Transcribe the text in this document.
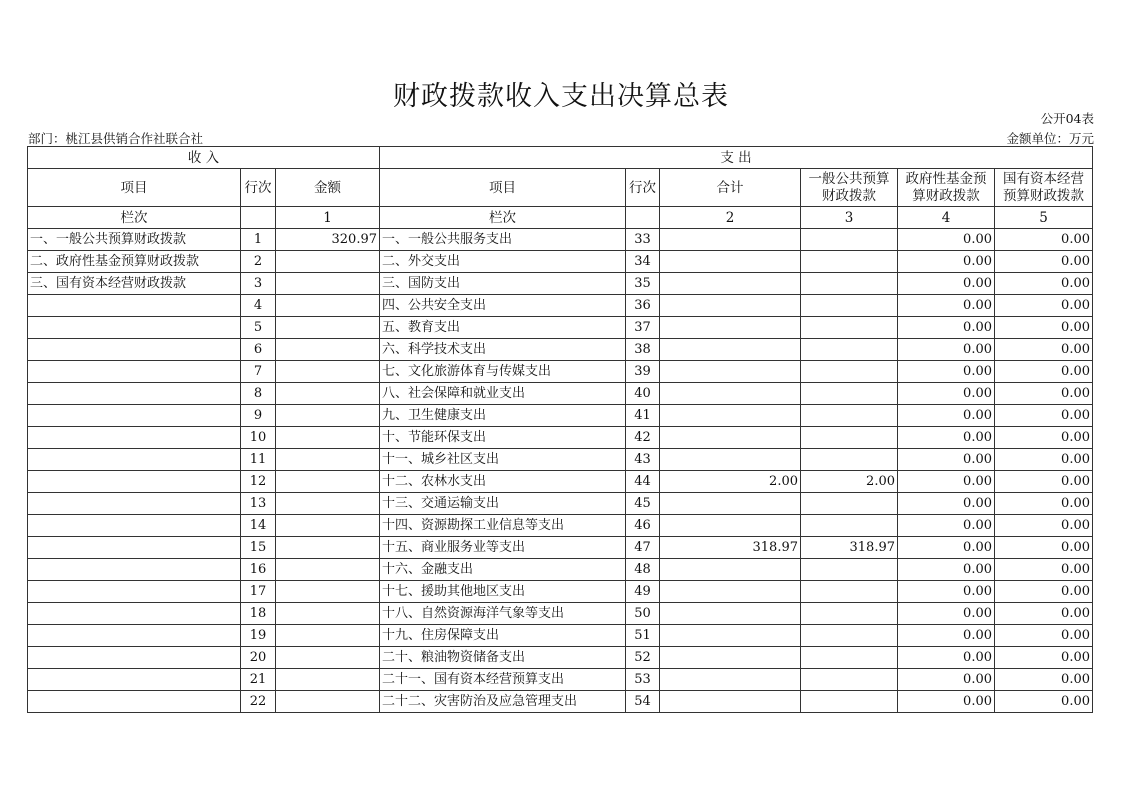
财政拨款收入支出决算总表
公开04表
部门：桃江县供销合作社联合社	金额单位：万元
收 入			支 出					
项目	行次	金额	项目	行次	合计	一般公共预算财政拨款	政府性基金预算财政拨款	国有资本经营预算财政拨款
栏次		1	栏次		2	3	4	5
一、一般公共预算财政拨款	1	320.97	一、一般公共服务支出	33			0.00	0.00
二、政府性基金预算财政拨款	2		二、外交支出	34			0.00	0.00
三、国有资本经营财政拨款	3		三、国防支出	35			0.00	0.00
	4		四、公共安全支出	36			0.00	0.00
	5		五、教育支出	37			0.00	0.00
	6		六、科学技术支出	38			0.00	0.00
	7		七、文化旅游体育与传媒支出	39			0.00	0.00
	8		八、社会保障和就业支出	40			0.00	0.00
	9		九、卫生健康支出	41			0.00	0.00
	10		十、节能环保支出	42			0.00	0.00
	11		十一、城乡社区支出	43			0.00	0.00
	12		十二、农林水支出	44	2.00	2.00	0.00	0.00
	13		十三、交通运输支出	45			0.00	0.00
	14		十四、资源勘探工业信息等支出	46			0.00	0.00
	15		十五、商业服务业等支出	47	318.97	318.97	0.00	0.00
	16		十六、金融支出	48			0.00	0.00
	17		十七、援助其他地区支出	49			0.00	0.00
	18		十八、自然资源海洋气象等支出	50			0.00	0.00
	19		十九、住房保障支出	51			0.00	0.00
	20		二十、粮油物资储备支出	52			0.00	0.00
	21		二十一、国有资本经营预算支出	53			0.00	0.00
	22		二十二、灾害防治及应急管理支出	54			0.00	0.00
